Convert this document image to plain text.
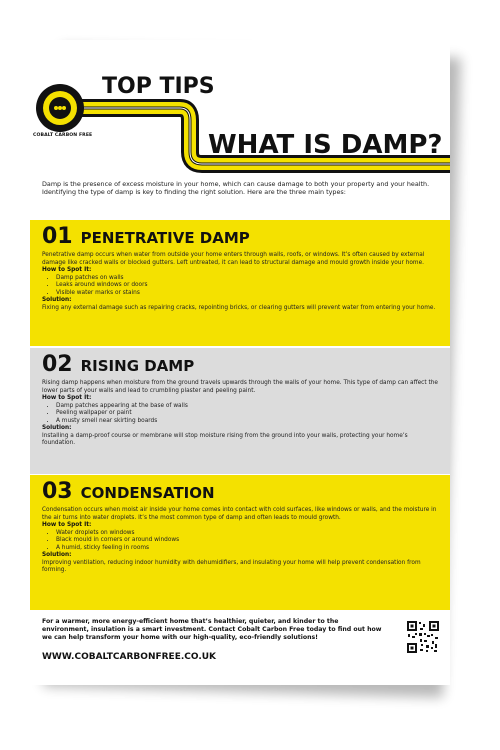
COBALT CARBON FREE
TOP TIPS
WHAT IS DAMP?
Damp is the presence of excess moisture in your home, which can cause damage to both your property and your health. Identifying the type of damp is key to finding the right solution. Here are the three main types:
01 PENETRATIVE DAMP
Penetrative damp occurs when water from outside your home enters through walls, roofs, or windows. It’s often caused by external damage like cracked walls or blocked gutters. Left untreated, it can lead to structural damage and mould growth inside your home.
How to Spot It:
• Damp patches on walls
• Leaks around windows or doors
• Visible water marks or stains
Solution:
Fixing any external damage such as repairing cracks, repointing bricks, or clearing gutters will prevent water from entering your home.
02 RISING DAMP
Rising damp happens when moisture from the ground travels upwards through the walls of your home. This type of damp can affect the lower parts of your walls and lead to crumbling plaster and peeling paint.
How to Spot It:
• Damp patches appearing at the base of walls
• Peeling wallpaper or paint
• A musty smell near skirting boards
Solution:
Installing a damp-proof course or membrane will stop moisture rising from the ground into your walls, protecting your home’s foundation.
03 CONDENSATION
Condensation occurs when moist air inside your home comes into contact with cold surfaces, like windows or walls, and the moisture in the air turns into water droplets. It’s the most common type of damp and often leads to mould growth.
How to Spot It:
• Water droplets on windows
• Black mould in corners or around windows
• A humid, sticky feeling in rooms
Solution:
Improving ventilation, reducing indoor humidity with dehumidifiers, and insulating your home will help prevent condensation from forming.
For a warmer, more energy-efficient home that’s healthier, quieter, and kinder to the environment, insulation is a smart investment. Contact Cobalt Carbon Free today to find out how we can help transform your home with our high-quality, eco-friendly solutions!
WWW.COBALTCARBONFREE.CO.UK
